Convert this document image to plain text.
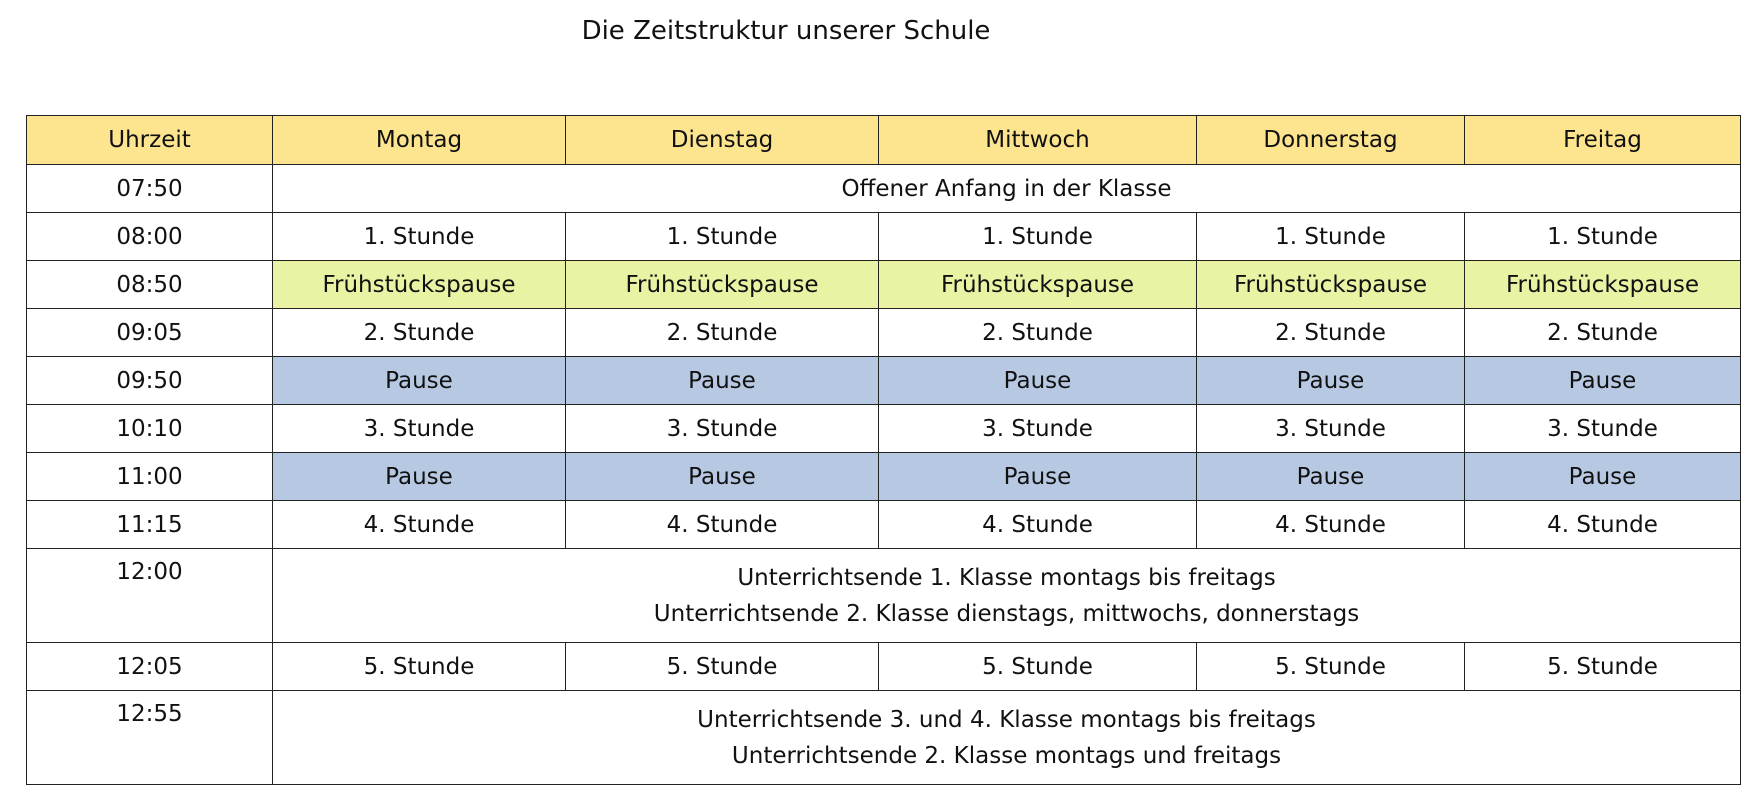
Die Zeitstruktur unserer Schule
Uhrzeit	Montag	Dienstag	Mittwoch	Donnerstag	Freitag
07:50	Offener Anfang in der Klasse				
08:00	1. Stunde	1. Stunde	1. Stunde	1. Stunde	1. Stunde
08:50	Frühstückspause	Frühstückspause	Frühstückspause	Frühstückspause	Frühstückspause
09:05	2. Stunde	2. Stunde	2. Stunde	2. Stunde	2. Stunde
09:50	Pause	Pause	Pause	Pause	Pause
10:10	3. Stunde	3. Stunde	3. Stunde	3. Stunde	3. Stunde
11:00	Pause	Pause	Pause	Pause	Pause
11:15	4. Stunde	4. Stunde	4. Stunde	4. Stunde	4. Stunde
12:00	Unterrichtsende 1. Klasse montags bis freitags
Unterrichtsende 2. Klasse dienstags, mittwochs, donnerstags				

12:05	5. Stunde	5. Stunde	5. Stunde	5. Stunde	5. Stunde
12:55	Unterrichtsende 3. und 4. Klasse montags bis freitags
Unterrichtsende 2. Klasse montags und freitags				
